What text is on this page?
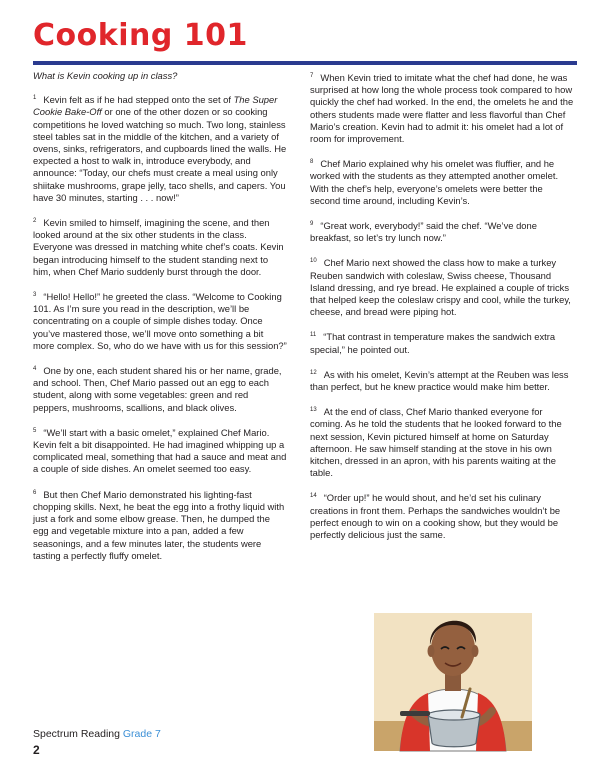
Cooking 101

What is Kevin cooking up in class?

$^1$ Kevin felt as if he had stepped onto the set of The Super Cookie Bake-Off or one of the other dozen or so cooking competitions he loved watching so much. Two long, stainless steel tables sat in the middle of the kitchen, and a variety of ovens, sinks, refrigerators, and cupboards lined the walls. He expected a host to walk in, introduce everybody, and announce: “Today, our chefs must create a meal using only shiitake mushrooms, grape jelly, taco shells, and capers. You have 30 minutes, starting . . . now!”

$^2$ Kevin smiled to himself, imagining the scene, and then looked around at the six other students in the class. Everyone was dressed in matching white chef’s coats. Kevin began introducing himself to the student standing next to him, when Chef Mario suddenly burst through the door.

$^3$ “Hello! Hello!” he greeted the class. “Welcome to Cooking 101. As I’m sure you read in the description, we’ll be concentrating on a couple of simple dishes today. Once you’ve mastered those, we’ll move onto something a bit more complex. So, who do we have with us for this session?”

$^4$ One by one, each student shared his or her name, grade, and school. Then, Chef Mario passed out an egg to each student, along with some vegetables: green and red peppers, mushrooms, scallions, and black olives.

$^5$ “We’ll start with a basic omelet,” explained Chef Mario. Kevin felt a bit disappointed. He had imagined whipping up a complicated meal, something that had a sauce and meat and a couple of side dishes. An omelet seemed too easy.

$^6$ But then Chef Mario demonstrated his lighting-fast chopping skills. Next, he beat the egg into a frothy liquid with just a fork and some elbow grease. Then, he dumped the egg and vegetable mixture into a pan, added a few seasonings, and a few minutes later, the students were tasting a perfectly fluffy omelet.

$^7$ When Kevin tried to imitate what the chef had done, he was surprised at how long the whole process took compared to how quickly the chef had worked. In the end, the omelets he and the others students made were flatter and less flavorful than Chef Mario’s creation. Kevin had to admit it: his omelet had a lot of room for improvement.

$^8$ Chef Mario explained why his omelet was fluffier, and he worked with the students as they attempted another omelet. With the chef’s help, everyone’s omelets were better the second time around, including Kevin’s.

$^9$ “Great work, everybody!” said the chef. “We’ve done breakfast, so let’s try lunch now.”

$^{10}$ Chef Mario next showed the class how to make a turkey Reuben sandwich with coleslaw, Swiss cheese, Thousand Island dressing, and rye bread. He explained a couple of tricks that helped keep the coleslaw crispy and cool, while the turkey, cheese, and bread were piping hot.

$^{11}$ “That contrast in temperature makes the sandwich extra special,” he pointed out.

$^{12}$ As with his omelet, Kevin’s attempt at the Reuben was less than perfect, but he knew practice would make him better.

$^{13}$ At the end of class, Chef Mario thanked everyone for coming. As he told the students that he looked forward to the next session, Kevin pictured himself at home on Saturday afternoon. He saw himself standing at the stove in his own kitchen, dressed in an apron, with his parents waiting at the table.

$^{14}$ “Order up!” he would shout, and he’d set his culinary creations in front them. Perhaps the sandwiches wouldn’t be perfect enough to win on a cooking show, but they would be perfectly delicious just the same.

Spectrum Reading Grade 7
2
